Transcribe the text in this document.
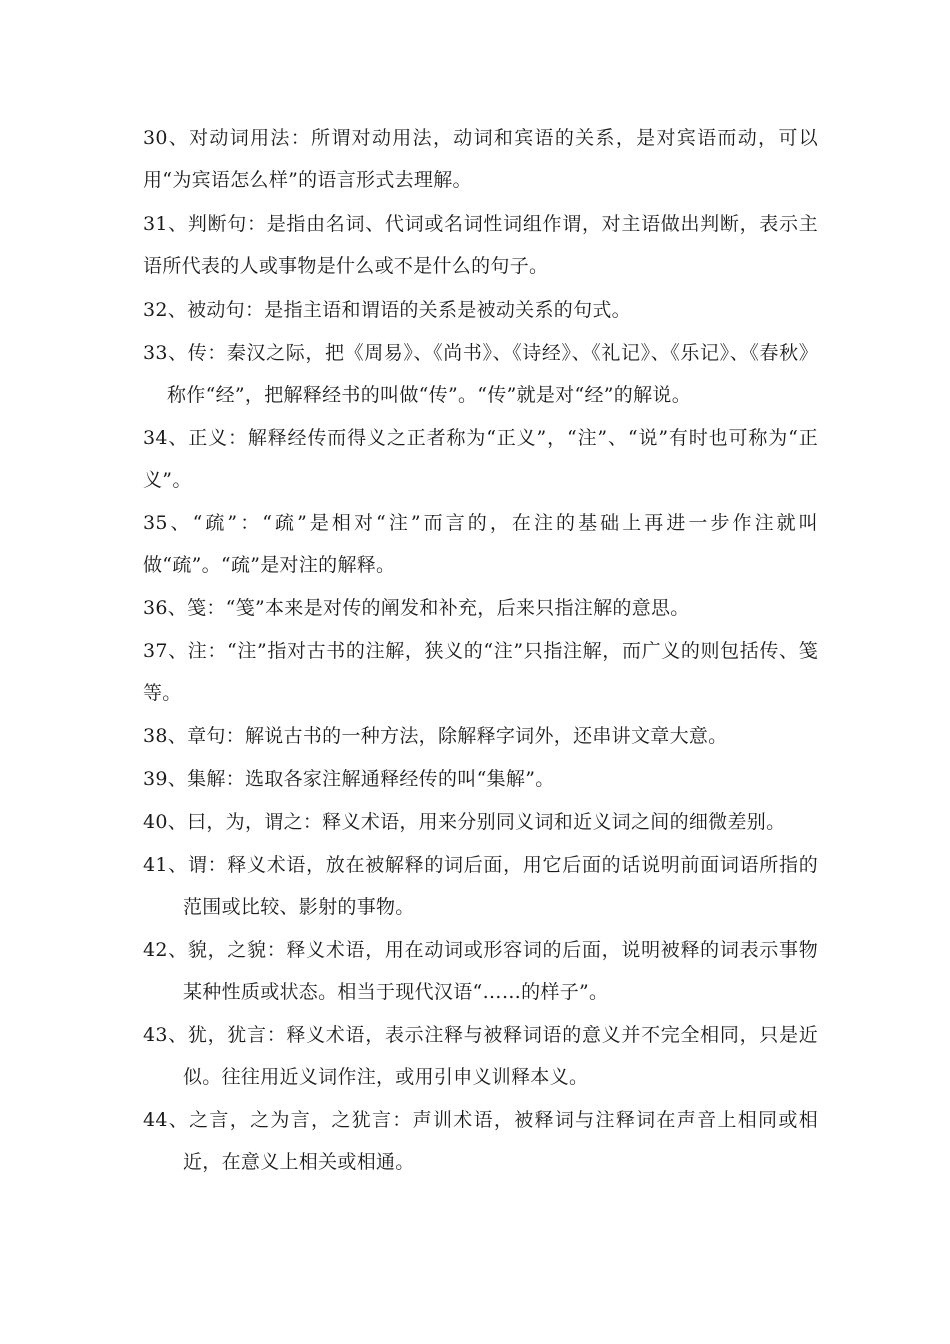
30、对动词用法：所谓对动用法，动词和宾语的关系，是对宾语而动，可以用“为宾语怎么样”的语言形式去理解。

31、判断句：是指由名词、代词或名词性词组作谓，对主语做出判断，表示主语所代表的人或事物是什么或不是什么的句子。

32、被动句：是指主语和谓语的关系是被动关系的句式。

33、传：秦汉之际，把《周易》、《尚书》、《诗经》、《礼记》、《乐记》、《春秋》称作“经”，把解释经书的叫做“传”。“传”就是对“经”的解说。

34、正义：解释经传而得义之正者称为“正义”，“注”、“说”有时也可称为“正义”。

35、“疏”：“疏”是相对“注”而言的，在注的基础上再进一步作注就叫做“疏”。“疏”是对注的解释。

36、笺：“笺”本来是对传的阐发和补充，后来只指注解的意思。

37、注：“注”指对古书的注解，狭义的“注”只指注解，而广义的则包括传、笺等。

38、章句：解说古书的一种方法，除解释字词外，还串讲文章大意。

39、集解：选取各家注解通释经传的叫“集解”。

40、曰，为，谓之：释义术语，用来分别同义词和近义词之间的细微差别。

41、谓：释义术语，放在被解释的词后面，用它后面的话说明前面词语所指的范围或比较、影射的事物。

42、貌，之貌：释义术语，用在动词或形容词的后面，说明被释的词表示事物某种性质或状态。相当于现代汉语“……的样子”。

43、犹，犹言：释义术语，表示注释与被释词语的意义并不完全相同，只是近似。往往用近义词作注，或用引申义训释本义。

44、之言，之为言，之犹言：声训术语，被释词与注释词在声音上相同或相近，在意义上相关或相通。
